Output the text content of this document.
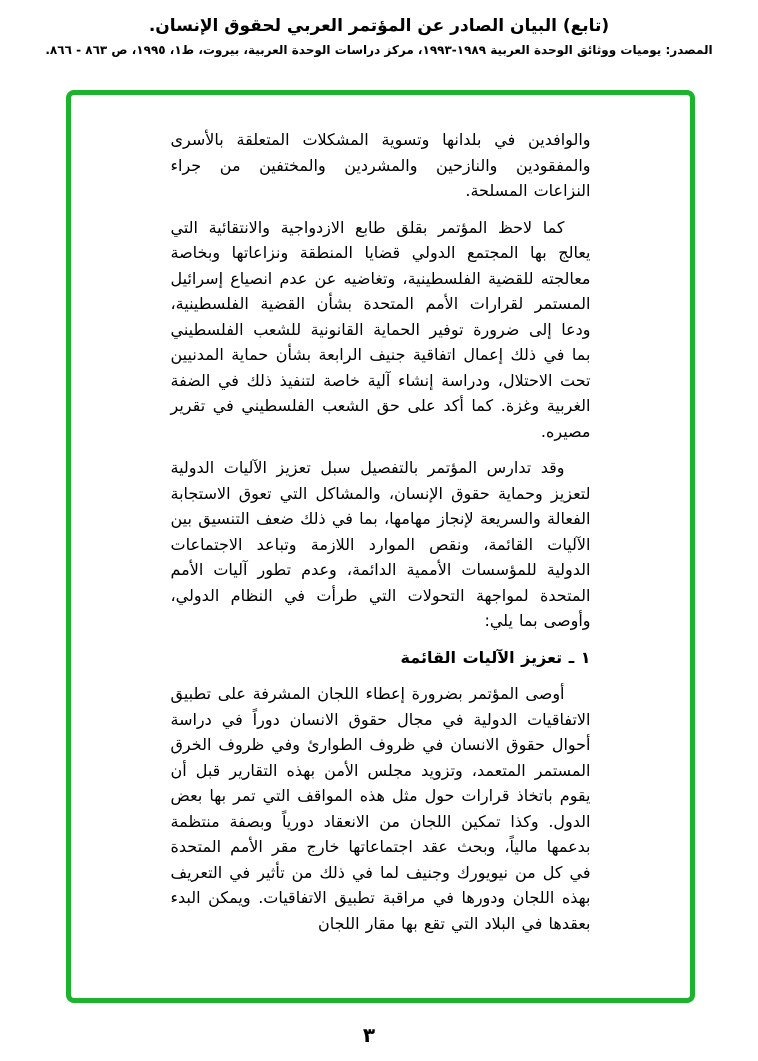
(تابع) البيان الصادر عن المؤتمر العربي لحقوق الإنسان.
المصدر: يوميات ووثائق الوحدة العربية ١٩٨٩-١٩٩٣، مركز دراسات الوحدة العربية، بيروت، ط١، ١٩٩٥، ص ٨٦٣ - ٨٦٦.

والوافدين في بلدانها وتسوية المشكلات المتعلقة بالأسرى والمفقودين والنازحين والمشردين والمختفين من جراء النزاعات المسلحة.

كما لاحظ المؤتمر بقلق طابع الازدواجية والانتقائية التي يعالج بها المجتمع الدولي قضايا المنطقة ونزاعاتها وبخاصة معالجته للقضية الفلسطينية، وتغاضيه عن عدم انصياع إسرائيل المستمر لقرارات الأمم المتحدة بشأن القضية الفلسطينية، ودعا إلى ضرورة توفير الحماية القانونية للشعب الفلسطيني بما في ذلك إعمال اتفاقية جنيف الرابعة بشأن حماية المدنيين تحت الاحتلال، ودراسة إنشاء آلية خاصة لتنفيذ ذلك في الضفة الغربية وغزة. كما أكد على حق الشعب الفلسطيني في تقرير مصيره.

وقد تدارس المؤتمر بالتفصيل سبل تعزيز الآليات الدولية لتعزيز وحماية حقوق الإنسان، والمشاكل التي تعوق الاستجابة الفعالة والسريعة لإنجاز مهامها، بما في ذلك ضعف التنسيق بين الآليات القائمة، ونقص الموارد اللازمة وتباعد الاجتماعات الدولية للمؤسسات الأممية الدائمة، وعدم تطور آليات الأمم المتحدة لمواجهة التحولات التي طرأت في النظام الدولي، وأوصى بما يلي:

١ ـ تعزيز الآليات القائمة

أوصى المؤتمر بضرورة إعطاء اللجان المشرفة على تطبيق الاتفاقيات الدولية في مجال حقوق الانسان دوراً في دراسة أحوال حقوق الانسان في ظروف الطوارئ وفي ظروف الخرق المستمر المتعمد، وتزويد مجلس الأمن بهذه التقارير قبل أن يقوم باتخاذ قرارات حول مثل هذه المواقف التي تمر بها بعض الدول. وكذا تمكين اللجان من الانعقاد دورياً وبصفة منتظمة بدعمها مالياً، وبحث عقد اجتماعاتها خارج مقر الأمم المتحدة في كل من نيويورك وجنيف لما في ذلك من تأثير في التعريف بهذه اللجان ودورها في مراقبة تطبيق الاتفاقيات. ويمكن البدء بعقدها في البلاد التي تقع بها مقار اللجان

٣
